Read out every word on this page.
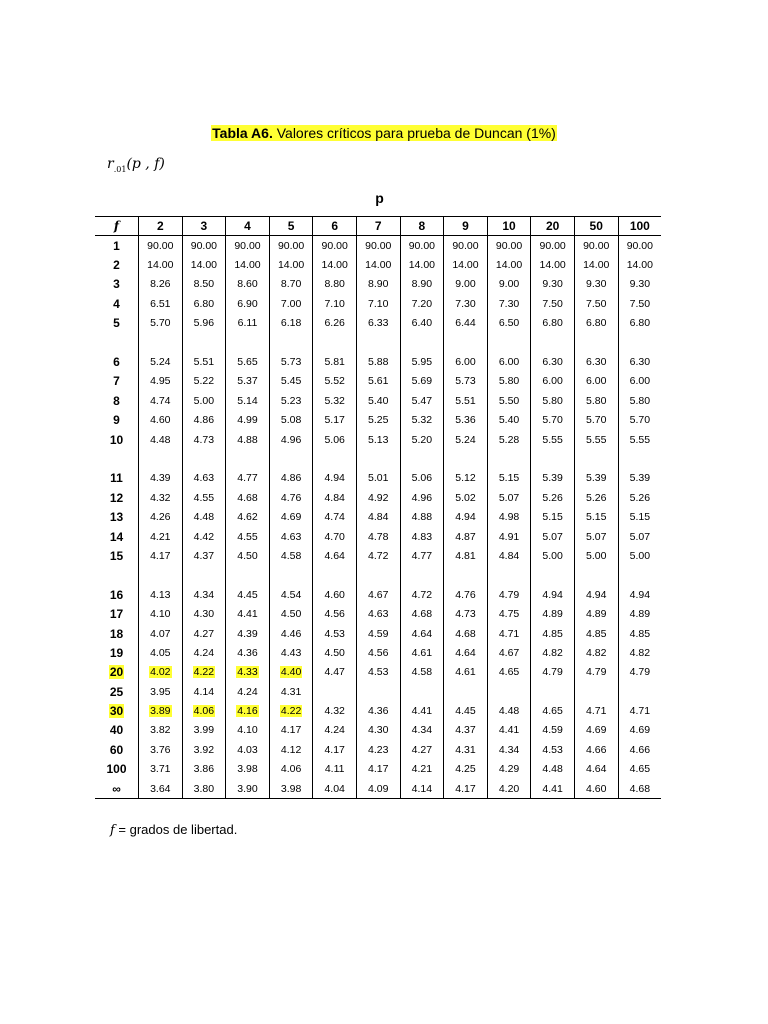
Tabla A6. Valores críticos para prueba de Duncan (1%)
$r_{.01}(p$ , f)
p
f	2	3	4	5	6	7	8	9	10	20	50	100
1	90.00	90.00	90.00	90.00	90.00	90.00	90.00	90.00	90.00	90.00	90.00	90.00
2	14.00	14.00	14.00	14.00	14.00	14.00	14.00	14.00	14.00	14.00	14.00	14.00
3	8.26	8.50	8.60	8.70	8.80	8.90	8.90	9.00	9.00	9.30	9.30	9.30
4	6.51	6.80	6.90	7.00	7.10	7.10	7.20	7.30	7.30	7.50	7.50	7.50
5	5.70	5.96	6.11	6.18	6.26	6.33	6.40	6.44	6.50	6.80	6.80	6.80

6	5.24	5.51	5.65	5.73	5.81	5.88	5.95	6.00	6.00	6.30	6.30	6.30
7	4.95	5.22	5.37	5.45	5.52	5.61	5.69	5.73	5.80	6.00	6.00	6.00
8	4.74	5.00	5.14	5.23	5.32	5.40	5.47	5.51	5.50	5.80	5.80	5.80
9	4.60	4.86	4.99	5.08	5.17	5.25	5.32	5.36	5.40	5.70	5.70	5.70
10	4.48	4.73	4.88	4.96	5.06	5.13	5.20	5.24	5.28	5.55	5.55	5.55

11	4.39	4.63	4.77	4.86	4.94	5.01	5.06	5.12	5.15	5.39	5.39	5.39
12	4.32	4.55	4.68	4.76	4.84	4.92	4.96	5.02	5.07	5.26	5.26	5.26
13	4.26	4.48	4.62	4.69	4.74	4.84	4.88	4.94	4.98	5.15	5.15	5.15
14	4.21	4.42	4.55	4.63	4.70	4.78	4.83	4.87	4.91	5.07	5.07	5.07
15	4.17	4.37	4.50	4.58	4.64	4.72	4.77	4.81	4.84	5.00	5.00	5.00

16	4.13	4.34	4.45	4.54	4.60	4.67	4.72	4.76	4.79	4.94	4.94	4.94
17	4.10	4.30	4.41	4.50	4.56	4.63	4.68	4.73	4.75	4.89	4.89	4.89
18	4.07	4.27	4.39	4.46	4.53	4.59	4.64	4.68	4.71	4.85	4.85	4.85
19	4.05	4.24	4.36	4.43	4.50	4.56	4.61	4.64	4.67	4.82	4.82	4.82
20	4.02	4.22	4.33	4.40	4.47	4.53	4.58	4.61	4.65	4.79	4.79	4.79
25	3.95	4.14	4.24	4.31								
30	3.89	4.06	4.16	4.22	4.32	4.36	4.41	4.45	4.48	4.65	4.71	4.71
40	3.82	3.99	4.10	4.17	4.24	4.30	4.34	4.37	4.41	4.59	4.69	4.69
60	3.76	3.92	4.03	4.12	4.17	4.23	4.27	4.31	4.34	4.53	4.66	4.66
100	3.71	3.86	3.98	4.06	4.11	4.17	4.21	4.25	4.29	4.48	4.64	4.65
∞	3.64	3.80	3.90	3.98	4.04	4.09	4.14	4.17	4.20	4.41	4.60	4.68
f = grados de libertad.
